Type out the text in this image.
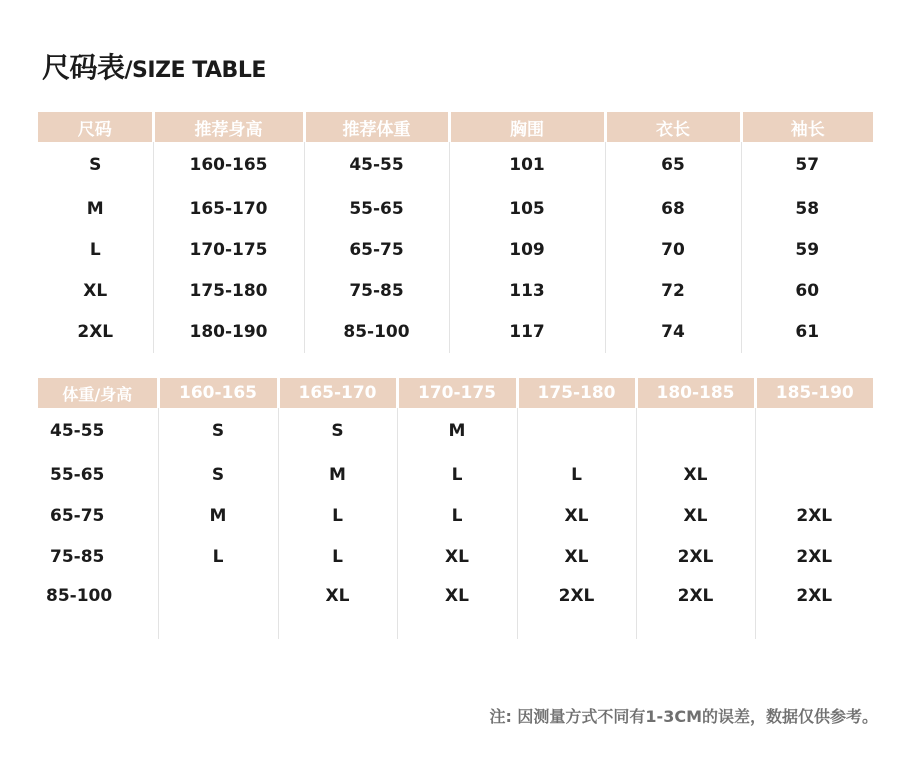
尺码表/SIZE TABLE
尺码	推荐身高	推荐体重	胸围	衣长	袖长
S	160-165	45-55	101	65	57
M	165-170	55-65	105	68	58
L	170-175	65-75	109	70	59
XL	175-180	75-85	113	72	60
2XL	180-190	85-100	117	74	61
体重/身高	160-165	165-170	170-175	175-180	180-185	185-190
45-55	S	S	M			
55-65	S	M	L	L	XL	
65-75	M	L	L	XL	XL	2XL
75-85	L	L	XL	XL	2XL	2XL
85-100		XL	XL	2XL	2XL	2XL

注: 因测量方式不同有1-3CM的误差，数据仅供参考。
